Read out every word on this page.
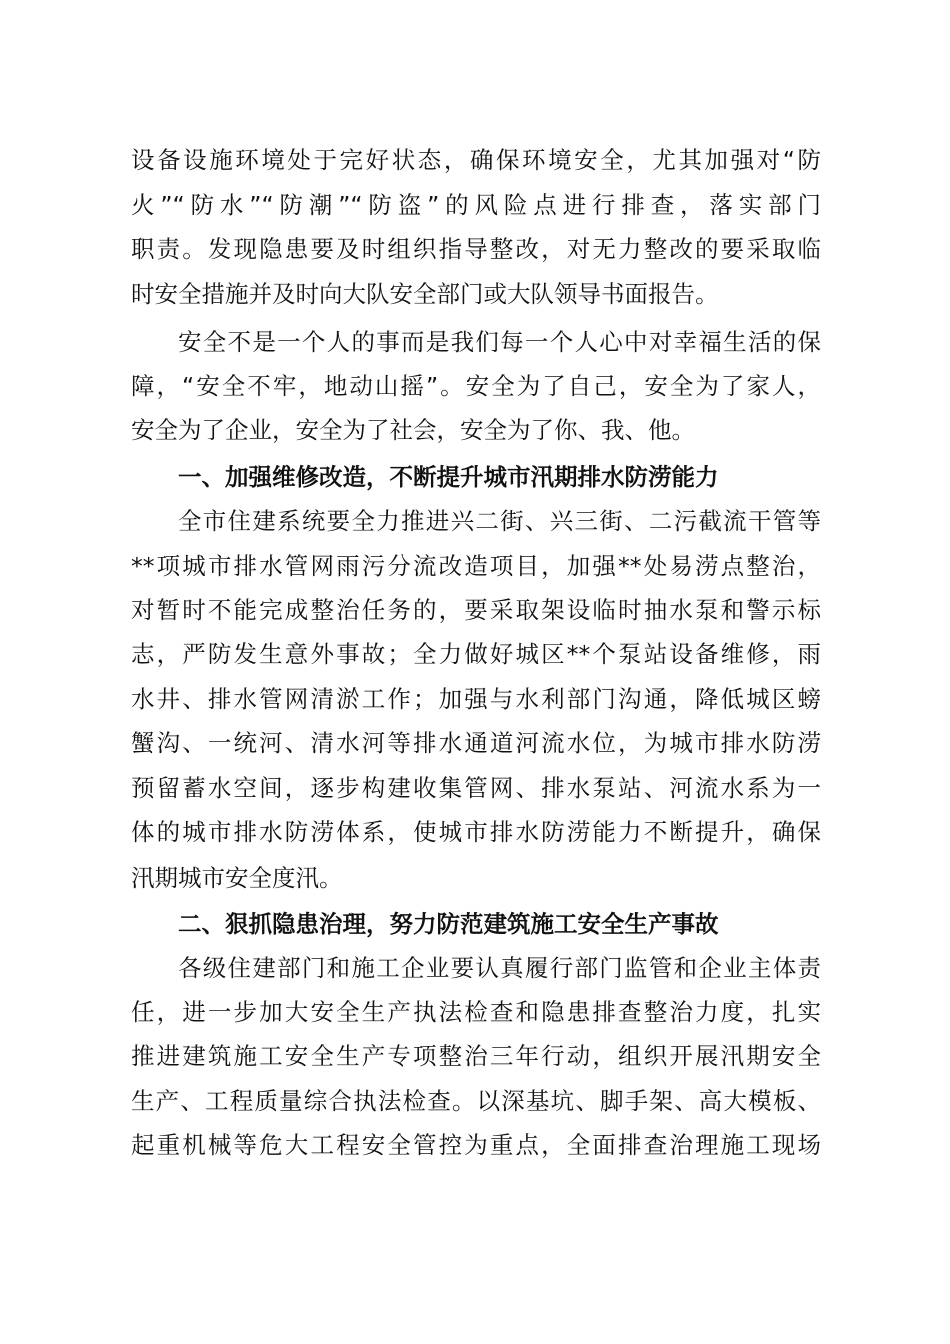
设备设施环境处于完好状态，确保环境安全，尤其加强对“防
火”“防水”“防潮”“防盗”的风险点进行排查，落实部门
职责。发现隐患要及时组织指导整改，对无力整改的要采取临
时安全措施并及时向大队安全部门或大队领导书面报告。
安全不是一个人的事而是我们每一个人心中对幸福生活的保
障，“安全不牢，地动山摇”。安全为了自己，安全为了家人，
安全为了企业，安全为了社会，安全为了你、我、他。
一、加强维修改造，不断提升城市汛期排水防涝能力
全市住建系统要全力推进兴二街、兴三街、二污截流干管等
**项城市排水管网雨污分流改造项目，加强**处易涝点整治，
对暂时不能完成整治任务的，要采取架设临时抽水泵和警示标
志，严防发生意外事故；全力做好城区**个泵站设备维修，雨
水井、排水管网清淤工作；加强与水利部门沟通，降低城区螃
蟹沟、一统河、清水河等排水通道河流水位，为城市排水防涝
预留蓄水空间，逐步构建收集管网、排水泵站、河流水系为一
体的城市排水防涝体系，使城市排水防涝能力不断提升，确保
汛期城市安全度汛。
二、狠抓隐患治理，努力防范建筑施工安全生产事故
各级住建部门和施工企业要认真履行部门监管和企业主体责
任，进一步加大安全生产执法检查和隐患排查整治力度，扎实
推进建筑施工安全生产专项整治三年行动，组织开展汛期安全
生产、工程质量综合执法检查。以深基坑、脚手架、高大模板、
起重机械等危大工程安全管控为重点，全面排查治理施工现场
